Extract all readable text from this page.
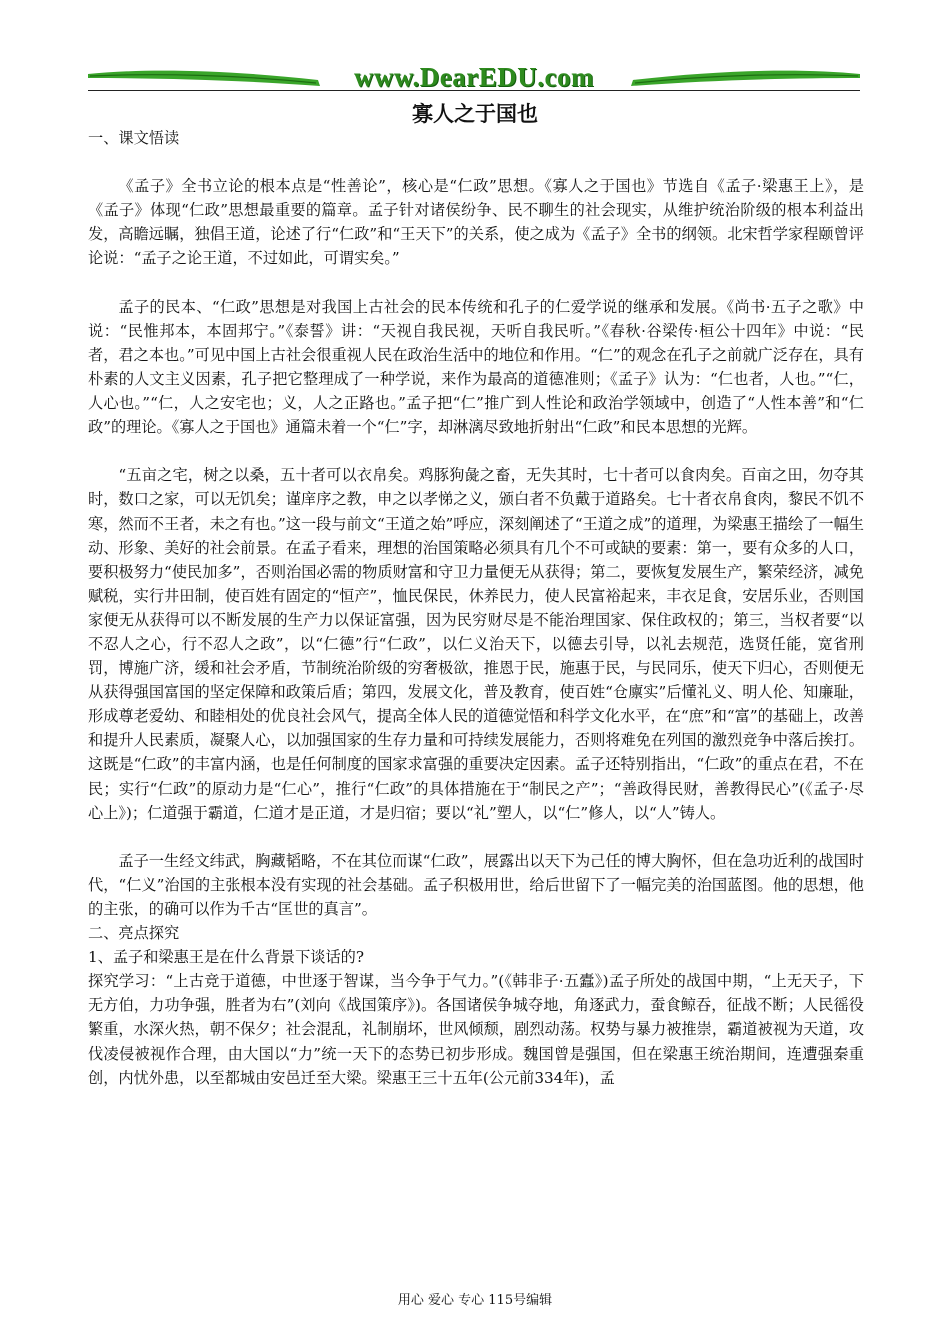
www.DearEDU.com
寡人之于国也

一、课文悟读

《孟子》全书立论的根本点是“性善论”，核心是“仁政”思想。《寡人之于国也》节选自《孟子·梁惠王上》，是《孟子》体现“仁政”思想最重要的篇章。孟子针对诸侯纷争、民不聊生的社会现实，从维护统治阶级的根本利益出发，高瞻远瞩，独倡王道，论述了行“仁政”和“王天下”的关系，使之成为《孟子》全书的纲领。北宋哲学家程颐曾评论说：“孟子之论王道，不过如此，可谓实矣。”

孟子的民本、“仁政”思想是对我国上古社会的民本传统和孔子的仁爱学说的继承和发展。《尚书·五子之歌》中说：“民惟邦本，本固邦宁。”《泰誓》讲：“天视自我民视，天听自我民听。”《春秋·谷梁传·桓公十四年》中说：“民者，君之本也。”可见中国上古社会很重视人民在政治生活中的地位和作用。“仁”的观念在孔子之前就广泛存在，具有朴素的人文主义因素，孔子把它整理成了一种学说，来作为最高的道德准则；《孟子》认为：“仁也者，人也。”“仁，人心也。”“仁，人之安宅也；义，人之正路也。”孟子把“仁”推广到人性论和政治学领域中，创造了“人性本善”和“仁政”的理论。《寡人之于国也》通篇未着一个“仁”字，却淋漓尽致地折射出“仁政”和民本思想的光辉。

“五亩之宅，树之以桑，五十者可以衣帛矣。鸡豚狗彘之畜，无失其时，七十者可以食肉矣。百亩之田，勿夺其时，数口之家，可以无饥矣；谨庠序之教，申之以孝悌之义，颁白者不负戴于道路矣。七十者衣帛食肉，黎民不饥不寒，然而不王者，未之有也。”这一段与前文“王道之始”呼应，深刻阐述了“王道之成”的道理，为梁惠王描绘了一幅生动、形象、美好的社会前景。在孟子看来，理想的治国策略必须具有几个不可或缺的要素：第一，要有众多的人口，要积极努力“使民加多”，否则治国必需的物质财富和守卫力量便无从获得；第二，要恢复发展生产，繁荣经济，减免赋税，实行井田制，使百姓有固定的“恒产”，恤民保民，休养民力，使人民富裕起来，丰衣足食，安居乐业，否则国家便无从获得可以不断发展的生产力以保证富强，因为民穷财尽是不能治理国家、保住政权的；第三，当权者要“以不忍人之心，行不忍人之政”，以“仁德”行“仁政”，以仁义治天下，以德去引导，以礼去规范，选贤任能，宽省刑罚，博施广济，缓和社会矛盾，节制统治阶级的穷奢极欲，推恩于民，施惠于民，与民同乐，使天下归心，否则便无从获得强国富国的坚定保障和政策后盾；第四，发展文化，普及教育，使百姓“仓廪实”后懂礼义、明人伦、知廉耻，形成尊老爱幼、和睦相处的优良社会风气，提高全体人民的道德觉悟和科学文化水平，在“庶”和“富”的基础上，改善和提升人民素质，凝聚人心，以加强国家的生存力量和可持续发展能力，否则将难免在列国的激烈竞争中落后挨打。这既是“仁政”的丰富内涵，也是任何制度的国家求富强的重要决定因素。孟子还特别指出，“仁政”的重点在君，不在民；实行“仁政”的原动力是“仁心”，推行“仁政”的具体措施在于“制民之产”；“善政得民财，善教得民心”(《孟子·尽心上》)；仁道强于霸道，仁道才是正道，才是归宿；要以“礼”塑人，以“仁”修人，以“人”铸人。

孟子一生经文纬武，胸藏韬略，不在其位而谋“仁政”，展露出以天下为己任的博大胸怀，但在急功近利的战国时代，“仁义”治国的主张根本没有实现的社会基础。孟子积极用世，给后世留下了一幅完美的治国蓝图。他的思想，他的主张，的确可以作为千古“匡世的真言”。

二、亮点探究

1、孟子和梁惠王是在什么背景下谈话的?

探究学习：“上古竞于道德，中世逐于智谋，当今争于气力。”(《韩非子·五蠹》)孟子所处的战国中期，“上无天子，下无方伯，力功争强，胜者为右”(刘向《战国策序》)。各国诸侯争城夺地，角逐武力，蚕食鲸吞，征战不断；人民徭役繁重，水深火热，朝不保夕；社会混乱，礼制崩坏，世风倾颓，剧烈动荡。权势与暴力被推崇，霸道被视为天道，攻伐凌侵被视作合理，由大国以“力”统一天下的态势已初步形成。魏国曾是强国，但在梁惠王统治期间，连遭强秦重创，内忧外患，以至都城由安邑迁至大梁。梁惠王三十五年(公元前334年)，孟

用心 爱心 专心 115号编辑
